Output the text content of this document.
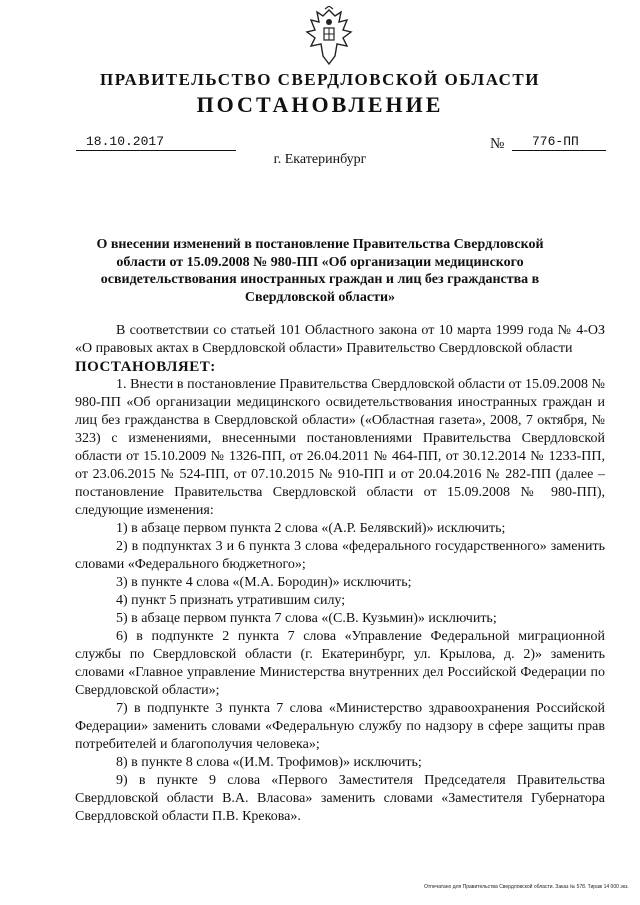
ПРАВИТЕЛЬСТВО СВЕРДЛОВСКОЙ ОБЛАСТИ
ПОСТАНОВЛЕНИЕ
18.10.2017	№	776-ПП
г. Екатеринбург
О внесении изменений в постановление Правительства Свердловской области от 15.09.2008 № 980-ПП «Об организации медицинского освидетельствования иностранных граждан и лиц без гражданства в Свердловской области»

В соответствии со статьей 101 Областного закона от 10 марта 1999 года № 4-ОЗ «О правовых актах в Свердловской области» Правительство Свердловской области

ПОСТАНОВЛЯЕТ:

1. Внести в постановление Правительства Свердловской области от 15.09.2008 № 980-ПП «Об организации медицинского освидетельствования иностранных граждан и лиц без гражданства в Свердловской области» («Областная газета», 2008, 7 октября, № 323) с изменениями, внесенными постановлениями Правительства Свердловской области от 15.10.2009 № 1326-ПП, от 26.04.2011 № 464-ПП, от 30.12.2014 № 1233-ПП, от 23.06.2015 № 524-ПП, от 07.10.2015 № 910-ПП и от 20.04.2016 № 282-ПП (далее – постановление Правительства Свердловской области от 15.09.2008 № 980-ПП), следующие изменения:

1) в абзаце первом пункта 2 слова «(А.Р. Белявский)» исключить;

2) в подпунктах 3 и 6 пункта 3 слова «федерального государственного» заменить словами «Федерального бюджетного»;

3) в пункте 4 слова «(М.А. Бородин)» исключить;

4) пункт 5 признать утратившим силу;

5) в абзаце первом пункта 7 слова «(С.В. Кузьмин)» исключить;

6) в подпункте 2 пункта 7 слова «Управление Федеральной миграционной службы по Свердловской области (г. Екатеринбург, ул. Крылова, д. 2)» заменить словами «Главное управление Министерства внутренних дел Российской Федерации по Свердловской области»;

7) в подпункте 3 пункта 7 слова «Министерство здравоохранения Российской Федерации» заменить словами «Федеральную службу по надзору в сфере защиты прав потребителей и благополучия человека»;

8) в пункте 8 слова «(И.М. Трофимов)» исключить;

9) в пункте 9 слова «Первого Заместителя Председателя Правительства Свердловской области В.А. Власова» заменить словами «Заместителя Губернатора Свердловской области П.В. Крекова».

Отпечатано для Правительства Свердловской области. Заказ № 578. Тираж 14 000 экз.
